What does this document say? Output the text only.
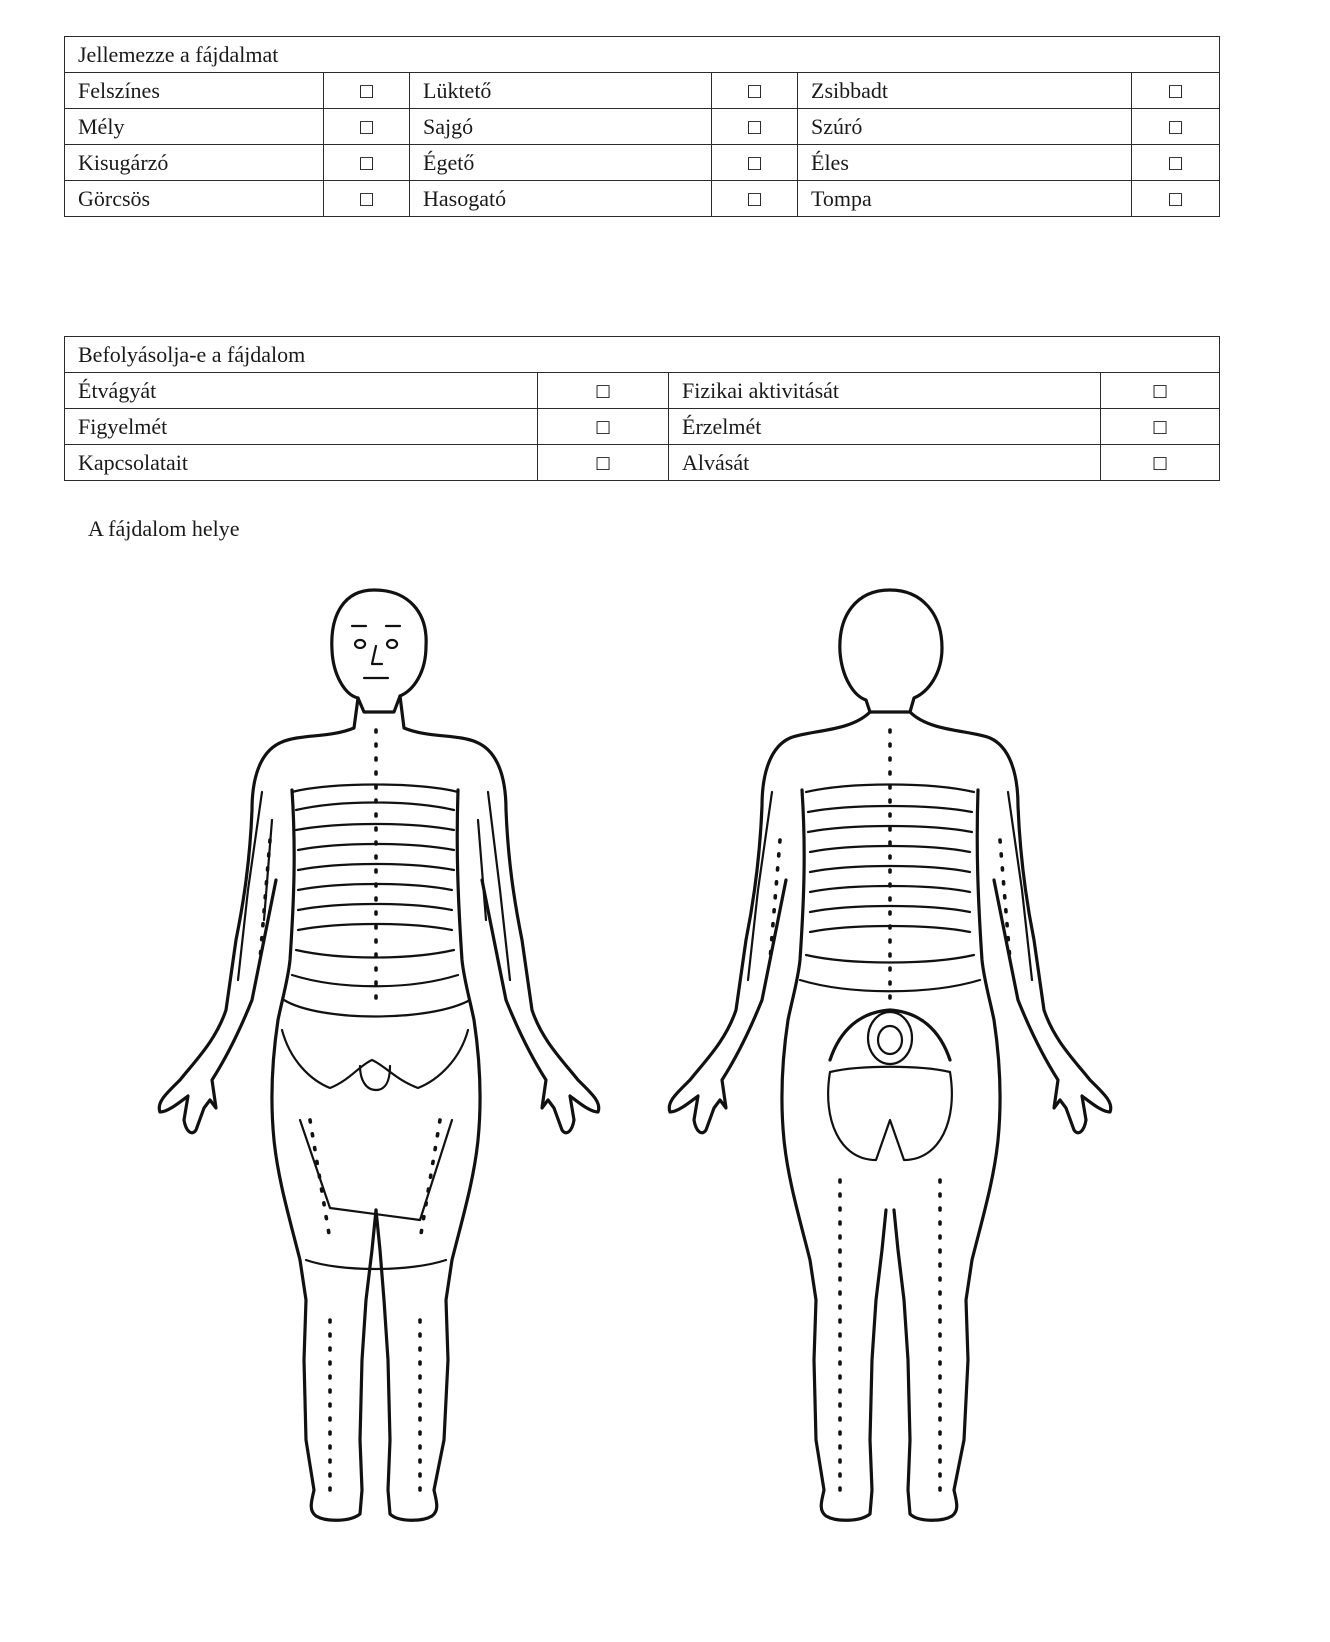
Jellemezze a fájdalmat					
Felszínes	□	Lüktető	□	Zsibbadt	□
Mély	□	Sajgó	□	Szúró	□
Kisugárzó	□	Égető	□	Éles	□
Görcsös	□	Hasogató	□	Tompa	□
Befolyásolja-e a fájdalom			
Étvágyát	□	Fizikai aktivitását	□
Figyelmét	□	Érzelmét	□
Kapcsolatait	□	Alvását	□
A fájdalom helye
